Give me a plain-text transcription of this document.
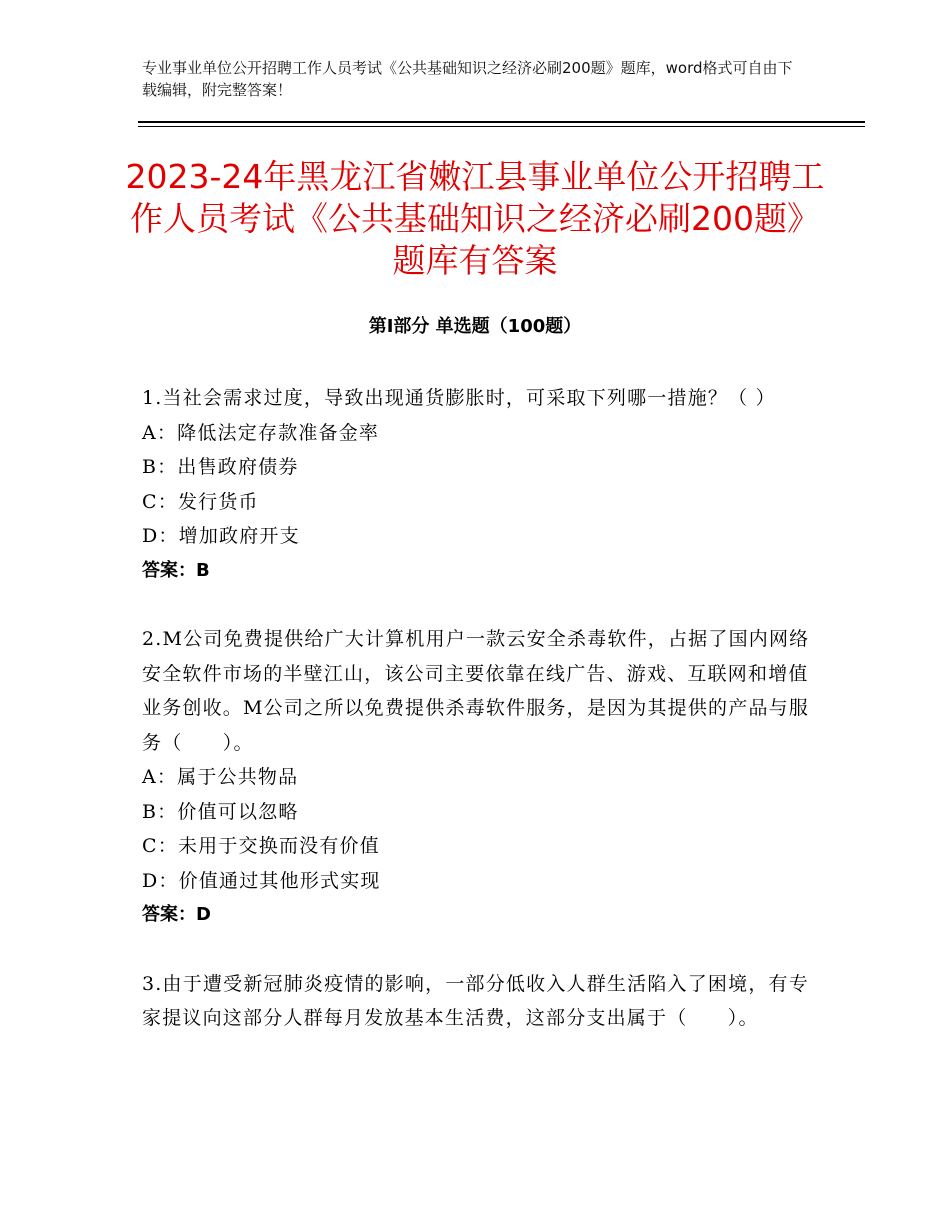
专业事业单位公开招聘工作人员考试《公共基础知识之经济必刷200题》题库，word格式可自由下载编辑，附完整答案！
2023-24年黑龙江省嫩江县事业单位公开招聘工作人员考试《公共基础知识之经济必刷200题》题库有答案
第I部分 单选题（100题）

1.当社会需求过度，导致出现通货膨胀时，可采取下列哪一措施？（ ）

A：降低法定存款准备金率

B：出售政府债券

C：发行货币

D：增加政府开支

答案：B

2.M公司免费提供给广大计算机用户一款云安全杀毒软件，占据了国内网络安全软件市场的半壁江山，该公司主要依靠在线广告、游戏、互联网和增值业务创收。M公司之所以免费提供杀毒软件服务，是因为其提供的产品与服务（　　）。

A：属于公共物品

B：价值可以忽略

C：未用于交换而没有价值

D：价值通过其他形式实现

答案：D

3.由于遭受新冠肺炎疫情的影响，一部分低收入人群生活陷入了困境，有专家提议向这部分人群每月发放基本生活费，这部分支出属于（　　）。
